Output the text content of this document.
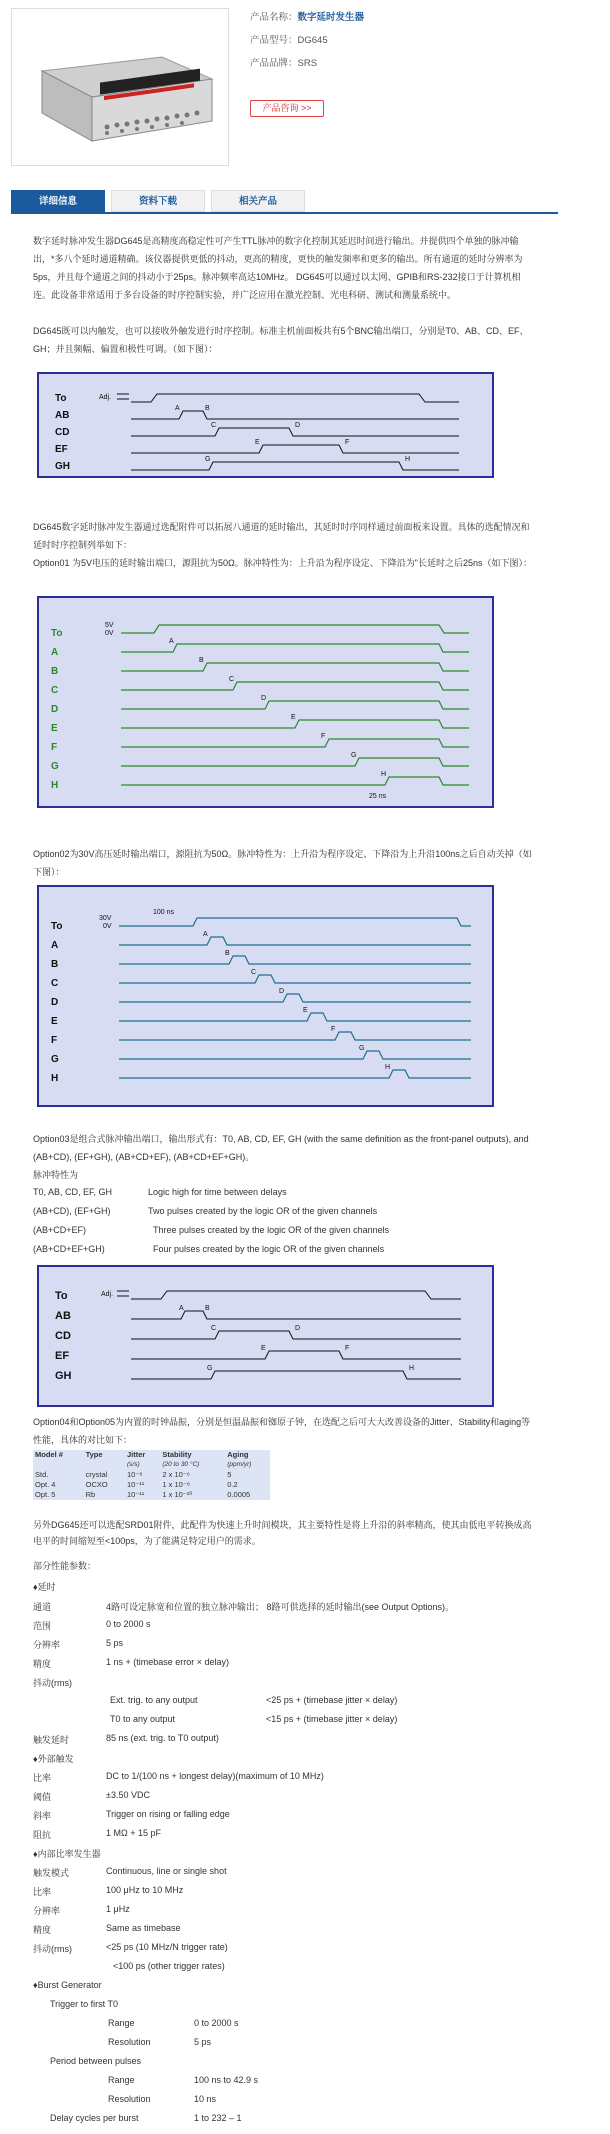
产品名称：数字延时发生器
产品型号：DG645
产品品牌：SRS
产品咨询 >>
详细信息	资料下载	相关产品
数字延时脉冲发生器DG645是高精度高稳定性可产生TTL脉冲的数字化控制其延迟时间进行输出。并提供四个单独的脉冲输出，*多八个延时通道精确。该仪器提供更低的抖动，更高的精度，更快的触发频率和更多的输出。所有通道的延时分辨率为5ps，并且每个通道之间的抖动小于25ps。脉冲频率高达10MHz。 DG645可以通过以太网、GPIB和RS-232接口于计算机相连。此设备非常适用于多台设备的时序控制实验，并广泛应用在激光控制、光电科研、测试和测量系统中。
DG645既可以内触发，也可以接收外触发进行时序控制。标准主机前面板共有5个BNC输出端口，分别是T0、AB、CD、EF、GH；并且频幅、偏置和极性可调。（如下图）：
To
AB
CD
EF
GH
Adj.
A	B
C	D
E	F
G	H
DG645数字延时脉冲发生器通过选配附件可以拓展八通道的延时输出，其延时时序同样通过前面板来设置。具体的选配情况和延时时序控制列举如下：
Option01 为5V电压的延时输出端口，源阻抗为50Ω。脉冲特性为：上升沿为程序设定、下降沿为"长延时之后25ns（如下图）：
To
A
B
C
D
E
F
G
H
5V
0V
A
B
C
D
E
F
G
H
25 ns
Option02为30V高压延时输出端口，源阻抗为50Ω。脉冲特性为：上升沿为程序设定、下降沿为上升沿100ns之后自动关掉（如下图）：
To
A
B
C
D
E
F
G
H
30V
0V
100 ns
A
B
C
D
E
F
G
H
Option03是组合式脉冲输出端口，输出形式有：T0, AB, CD, EF, GH (with the same definition as the front-panel outputs), and (AB+CD), (EF+GH), (AB+CD+EF), (AB+CD+EF+GH)。
脉冲特性为
T0, AB, CD, EF, GH	Logic high for time between delays
(AB+CD), (EF+GH)	Two pulses created by the logic OR of the given channels
(AB+CD+EF)	Three pulses created by the logic OR of the given channels
(AB+CD+EF+GH)	Four pulses created by the logic OR of the given channels
To
AB
CD
EF
GH
Adj.
A	B
C	D
E	F
G	H
Option04和Option05为内置的时钟晶振，分别是恒温晶振和铷原子钟，在选配之后可大大改善设备的Jitter、Stability和aging等性能，具体的对比如下：
Model #	Type	Jitter	Stability	Aging
		(s/s)	(20 to 30 °C)	(ppm/yr)
Std.	crystal	10⁻⁸	2 x 10⁻⁶	5
Opt. 4	OCXO	10⁻¹¹	1 x 10⁻⁸	0.2
Opt. 5	Rb	10⁻¹¹	1 x 10⁻¹⁰	0.0005
另外DG645还可以选配SRD01附件，此配件为快速上升时间模块，其主要特性是将上升沿的斜率精高，使其由低电平转换成高电平的时间缩短至<100ps，为了能满足特定用户的需求。
部分性能参数：
♦延时
通道	4路可设定脉宽和位置的独立脉冲输出； 8路可供选择的延时输出(see Output Options)。
范围	0 to 2000 s
分辨率	5 ps
精度	1 ns + (timebase error × delay)
抖动(rms)
Ext. trig. to any output	<25 ps + (timebase jitter × delay)
T0 to any output	<15 ps + (timebase jitter × delay)
触发延时	85 ns (ext. trig. to T0 output)
♦外部触发
比率	DC to 1/(100 ns + longest delay)(maximum of 10 MHz)
阈值	±3.50 VDC
斜率	Trigger on rising or falling edge
阻抗	1 MΩ + 15 pF
♦内部比率发生器
触发模式	Continuous, line or single shot
比率	100 μHz to 10 MHz
分辨率	1 μHz
精度	Same as timebase
抖动(rms)	<25 ps (10 MHz/N trigger rate)
<100 ps (other trigger rates)
♦Burst Generator
Trigger to first T0
Range	0 to 2000 s
Resolution	5 ps
Period between pulses
Range	100 ns to 42.9 s
Resolution	10 ns
Delay cycles per burst	1 to 232 – 1
